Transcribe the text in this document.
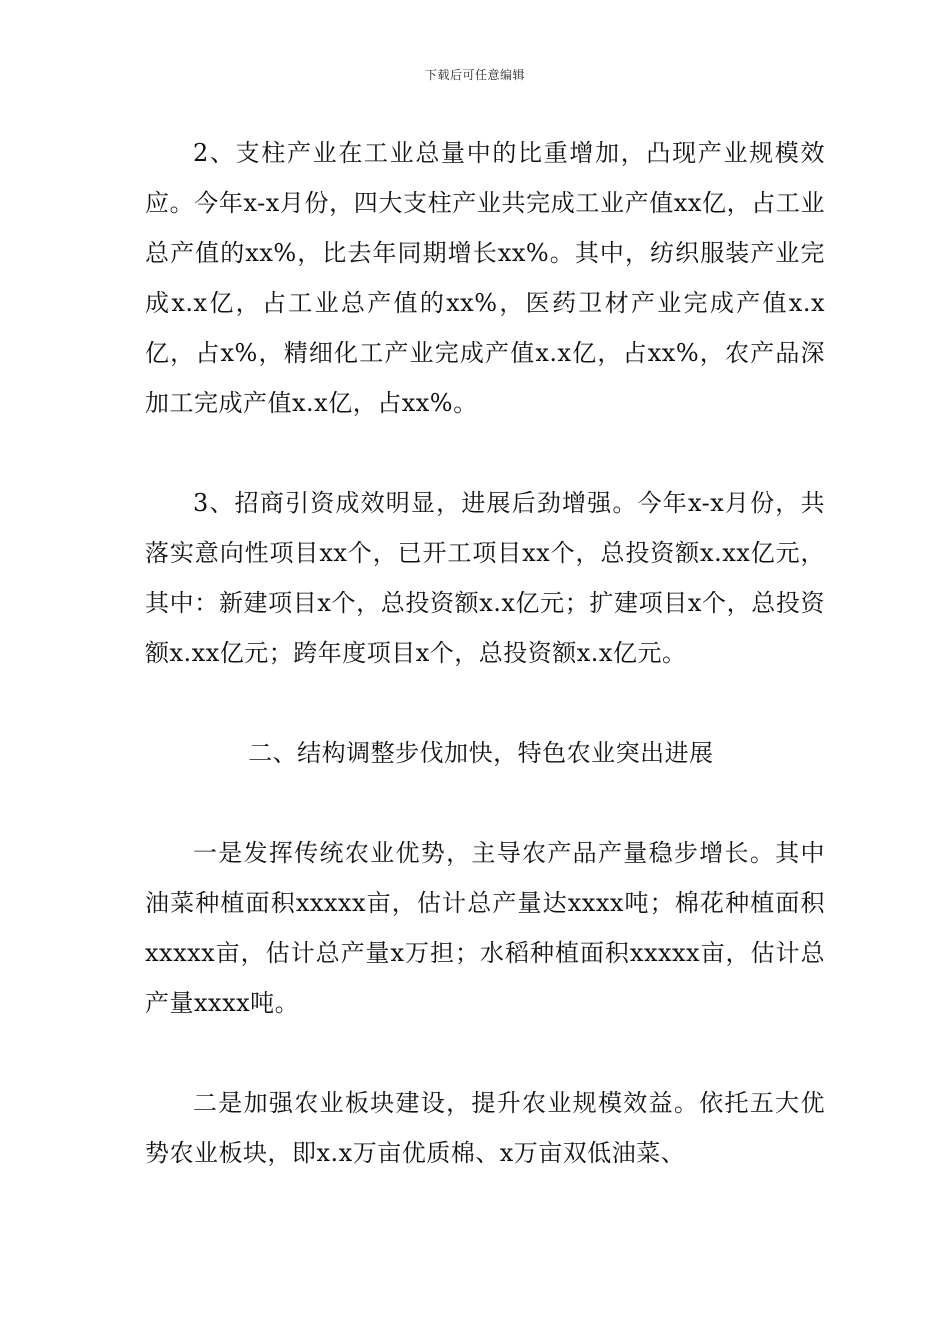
下载后可任意编辑

2、支柱产业在工业总量中的比重增加，凸现产业规模效应。今年x-x月份，四大支柱产业共完成工业产值xx亿，占工业总产值的xx%，比去年同期增长xx%。其中，纺织服装产业完成x.x亿，占工业总产值的xx%，医药卫材产业完成产值x.x亿，占x%，精细化工产业完成产值x.x亿，占xx%，农产品深加工完成产值x.x亿，占xx%。

3、招商引资成效明显，进展后劲增强。今年x-x月份，共落实意向性项目xx个，已开工项目xx个，总投资额x.xx亿元，其中：新建项目x个，总投资额x.x亿元；扩建项目x个，总投资额x.xx亿元；跨年度项目x个，总投资额x.x亿元。

二、结构调整步伐加快，特色农业突出进展

一是发挥传统农业优势，主导农产品产量稳步增长。其中油菜种植面积xxxxx亩，估计总产量达xxxx吨；棉花种植面积xxxxx亩，估计总产量x万担；水稻种植面积xxxxx亩，估计总产量xxxx吨。

二是加强农业板块建设，提升农业规模效益。依托五大优势农业板块，即x.x万亩优质棉、x万亩双低油菜、
